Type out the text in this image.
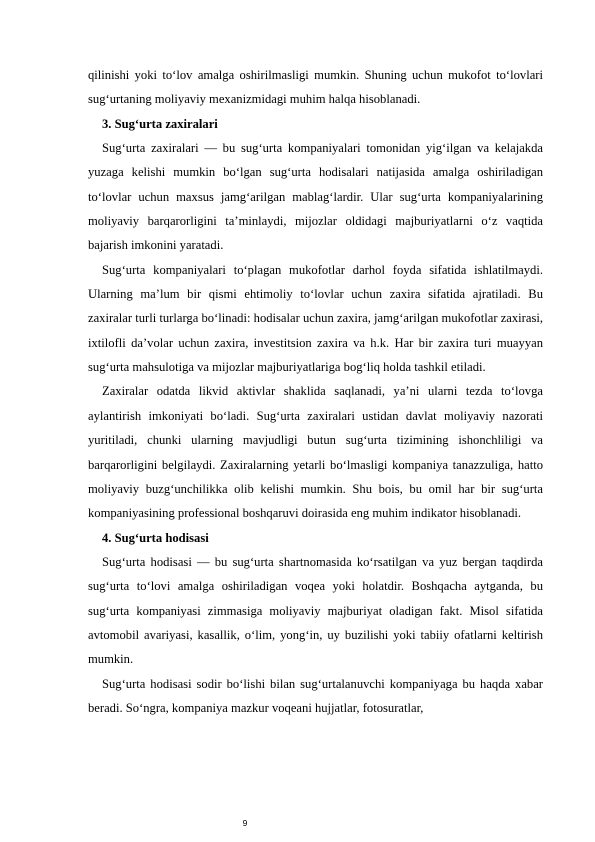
qilinishi yoki to‘lov amalga oshirilmasligi mumkin. Shuning uchun mukofot to‘lovlari sug‘urtaning moliyaviy mexanizmidagi muhim halqa hisoblanadi.

3. Sug‘urta zaxiralari

Sug‘urta zaxiralari — bu sug‘urta kompaniyalari tomonidan yig‘ilgan va kelajakda yuzaga kelishi mumkin bo‘lgan sug‘urta hodisalari natijasida amalga oshiriladigan to‘lovlar uchun maxsus jamg‘arilgan mablag‘lardir. Ular sug‘urta kompaniyalarining moliyaviy barqarorligini ta’minlaydi, mijozlar oldidagi majburiyatlarni o‘z vaqtida bajarish imkonini yaratadi.

Sug‘urta kompaniyalari to‘plagan mukofotlar darhol foyda sifatida ishlatilmaydi. Ularning ma’lum bir qismi ehtimoliy to‘lovlar uchun zaxira sifatida ajratiladi. Bu zaxiralar turli turlarga bo‘linadi: hodisalar uchun zaxira, jamg‘arilgan mukofotlar zaxirasi, ixtilofli da’volar uchun zaxira, investitsion zaxira va h.k. Har bir zaxira turi muayyan sug‘urta mahsulotiga va mijozlar majburiyatlariga bog‘liq holda tashkil etiladi.

Zaxiralar odatda likvid aktivlar shaklida saqlanadi, ya’ni ularni tezda to‘lovga aylantirish imkoniyati bo‘ladi. Sug‘urta zaxiralari ustidan davlat moliyaviy nazorati yuritiladi, chunki ularning mavjudligi butun sug‘urta tizimining ishonchliligi va barqarorligini belgilaydi. Zaxiralarning yetarli bo‘lmasligi kompaniya tanazzuliga, hatto moliyaviy buzg‘unchilikka olib kelishi mumkin. Shu bois, bu omil har bir sug‘urta kompaniyasining professional boshqaruvi doirasida eng muhim indikator hisoblanadi.

4. Sug‘urta hodisasi

Sug‘urta hodisasi — bu sug‘urta shartnomasida ko‘rsatilgan va yuz bergan taqdirda sug‘urta to‘lovi amalga oshiriladigan voqea yoki holatdir. Boshqacha aytganda, bu sug‘urta kompaniyasi zimmasiga moliyaviy majburiyat oladigan fakt. Misol sifatida avtomobil avariyasi, kasallik, o‘lim, yong‘in, uy buzilishi yoki tabiiy ofatlarni keltirish mumkin.

Sug‘urta hodisasi sodir bo‘lishi bilan sug‘urtalanuvchi kompaniyaga bu haqda xabar beradi. So‘ngra, kompaniya mazkur voqeani hujjatlar, fotosuratlar,

9
